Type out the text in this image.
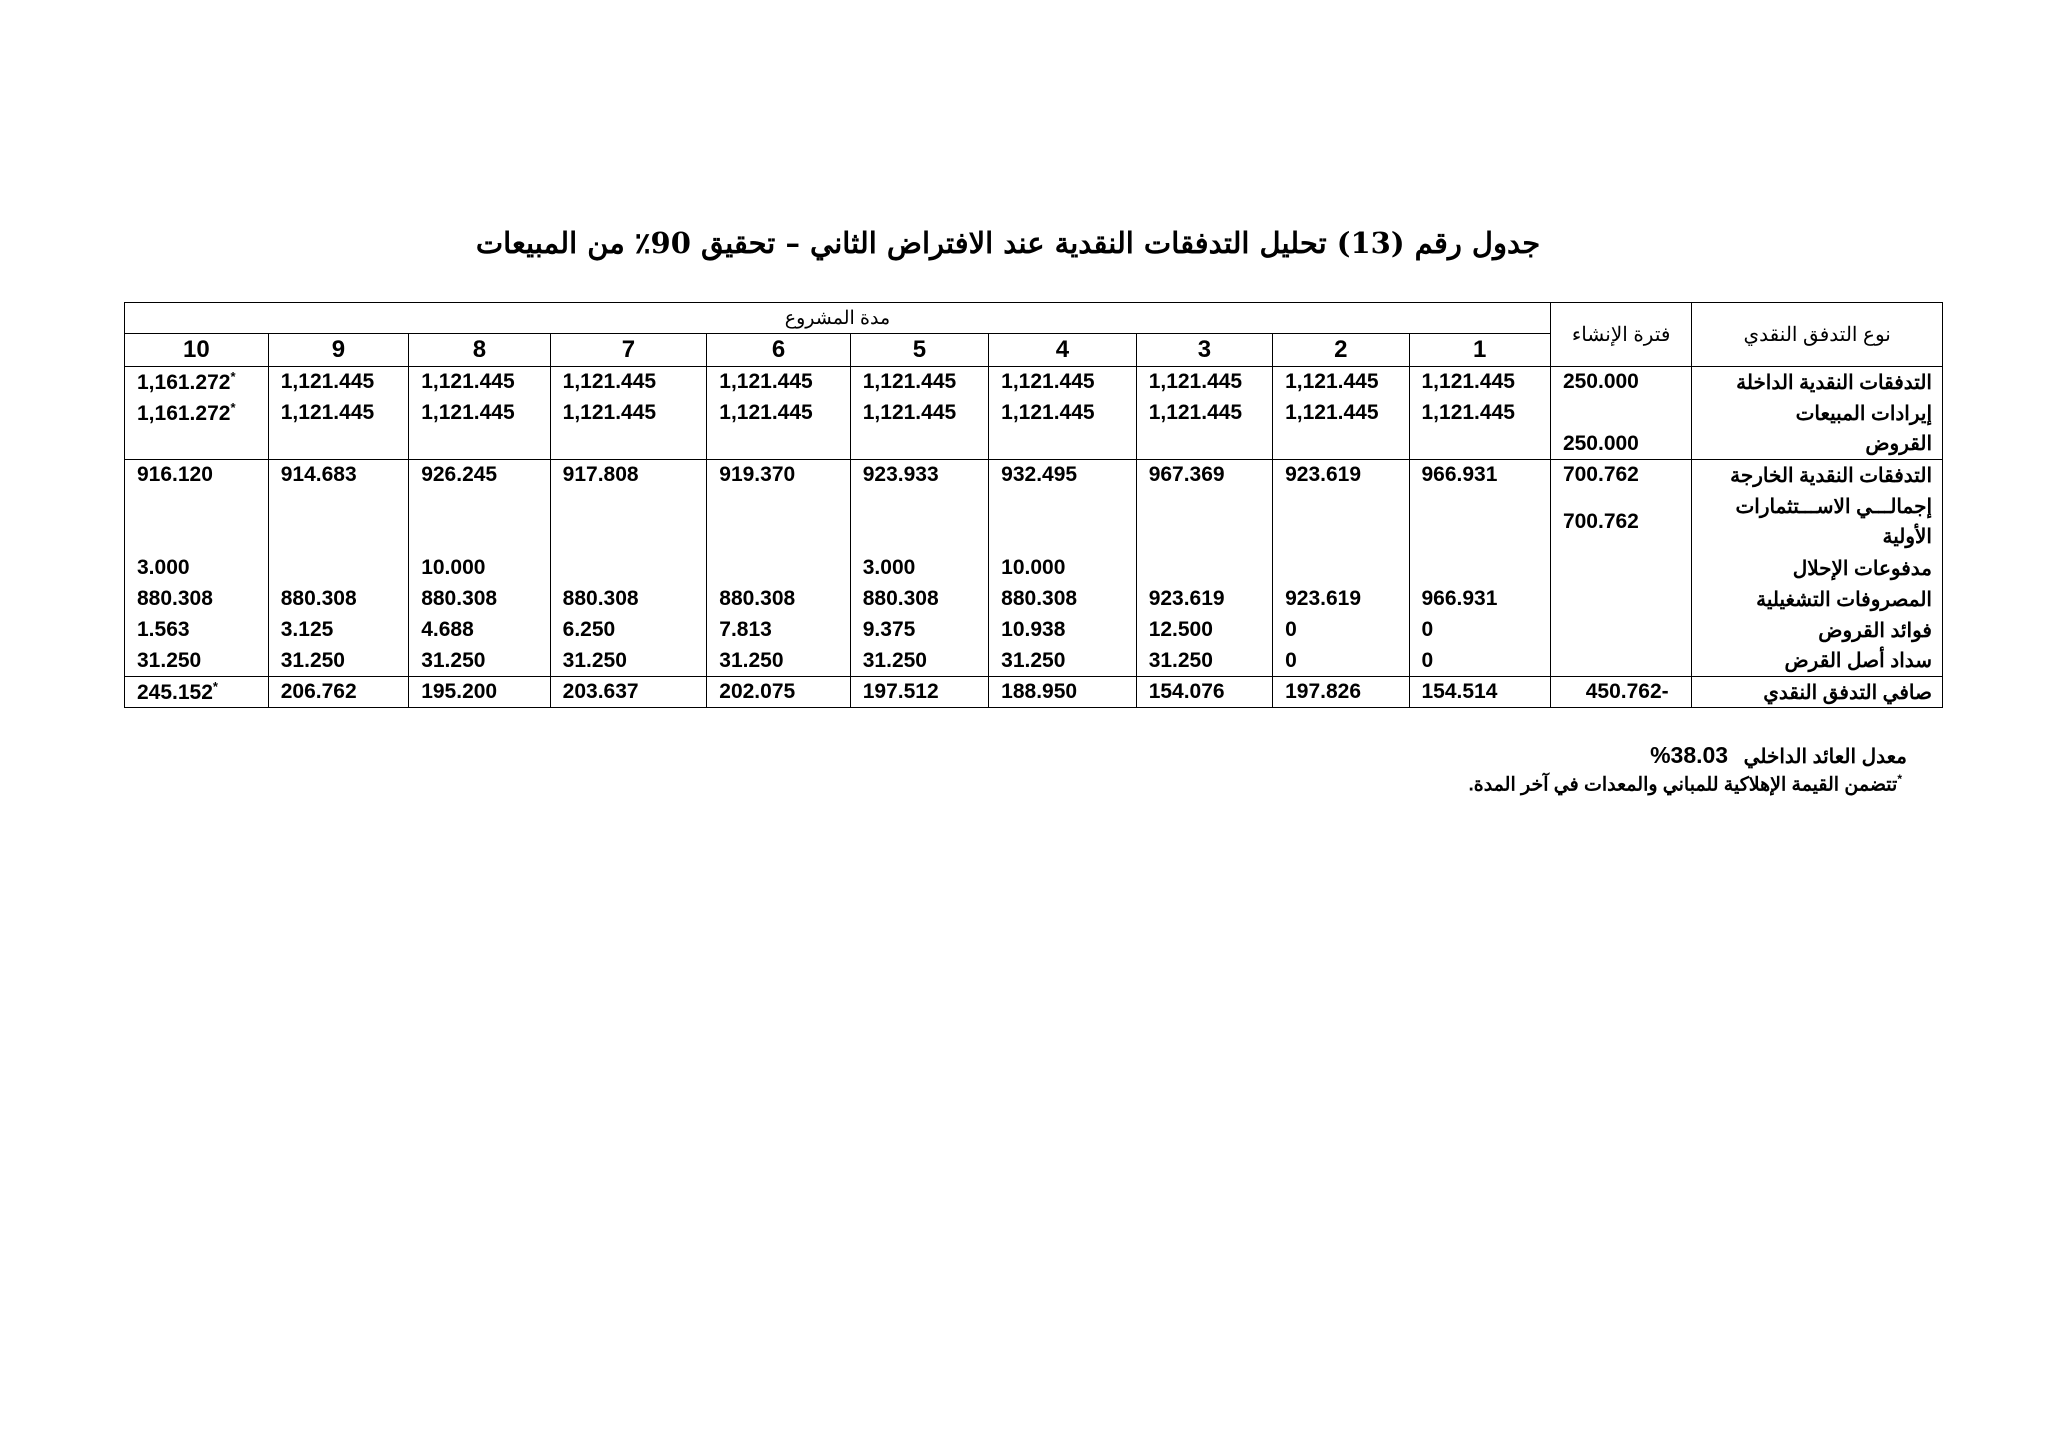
جدول رقم (13) تحليل التدفقات النقدية عند الافتراض الثاني – تحقيق 90٪ من المبيعات
نوع التدفق النقدي	فترة الإنشاء	مدة المشروع									
		1	2	3	4	5	6	7	8	9	10
التدفقات النقدية الداخلة	250.000	1,121.445	1,121.445	1,121.445	1,121.445	1,121.445	1,121.445	1,121.445	1,121.445	1,121.445	1,161.272*
إيرادات المبيعات		1,121.445	1,121.445	1,121.445	1,121.445	1,121.445	1,121.445	1,121.445	1,121.445	1,121.445	1,161.272*
القروض	250.000										
التدفقات النقدية الخارجة	700.762	966.931	923.619	967.369	932.495	923.933	919.370	917.808	926.245	914.683	916.120
إجمالـــي الاســـتثمارات الأولية	700.762										
مدفوعات الإحلال					10.000	3.000			10.000		3.000
المصروفات التشغيلية		966.931	923.619	923.619	880.308	880.308	880.308	880.308	880.308	880.308	880.308
فوائد القروض		0	0	12.500	10.938	9.375	7.813	6.250	4.688	3.125	1.563
سداد أصل القرض		0	0	31.250	31.250	31.250	31.250	31.250	31.250	31.250	31.250
صافي التدفق النقدي	450.762-	154.514	197.826	154.076	188.950	197.512	202.075	203.637	195.200	206.762	245.152*
معدل العائد الداخلي 38.03%
*تتضمن القيمة الإهلاكية للمباني والمعدات في آخر المدة.
